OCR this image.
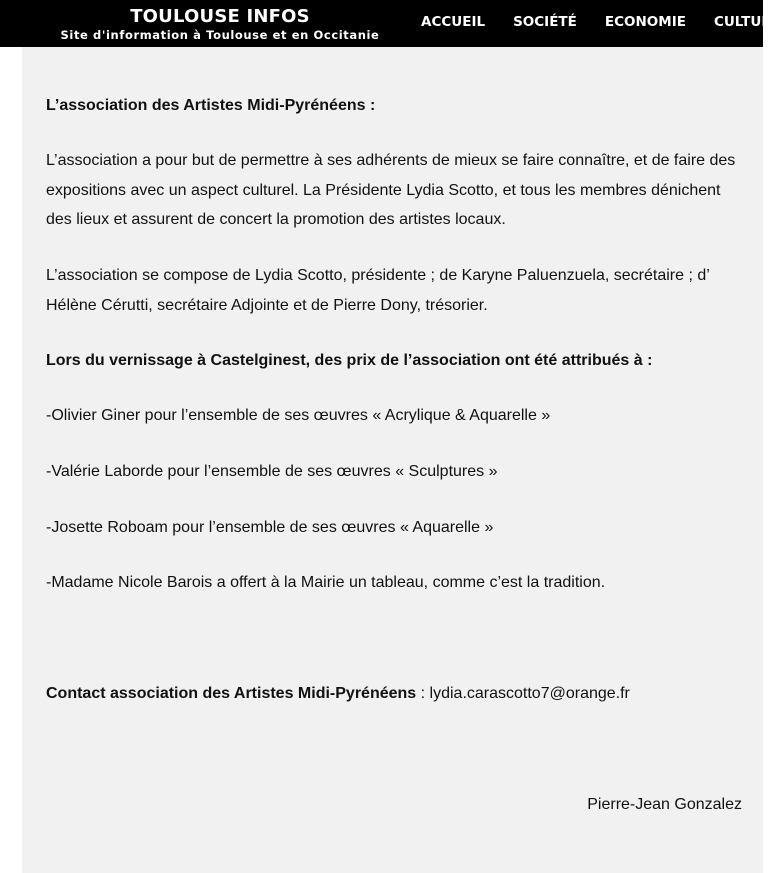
TOULOUSE INFOS
Site d'information à Toulouse et en Occitanie
ACCUEIL SOCIÉTÉ ECONOMIE CULTURE

L’association des Artistes Midi-Pyrénéens :

L’association a pour but de permettre à ses adhérents de mieux se faire connaître, et de faire des expositions avec un aspect culturel. La Présidente Lydia Scotto, et tous les membres dénichent des lieux et assurent de concert la promotion des artistes locaux.

L’association se compose de Lydia Scotto, présidente ; de Karyne Paluenzuela, secrétaire ; d’ Hélène Cérutti, secrétaire Adjointe et de Pierre Dony, trésorier.

Lors du vernissage à Castelginest, des prix de l’association ont été attribués à :

-Olivier Giner pour l’ensemble de ses œuvres « Acrylique & Aquarelle »

-Valérie Laborde pour l’ensemble de ses œuvres « Sculptures »

-Josette Roboam pour l’ensemble de ses œuvres « Aquarelle »

-Madame Nicole Barois a offert à la Mairie un tableau, comme c’est la tradition.

Contact association des Artistes Midi-Pyrénéens : lydia.carascotto7@orange.fr

Pierre-Jean Gonzalez
